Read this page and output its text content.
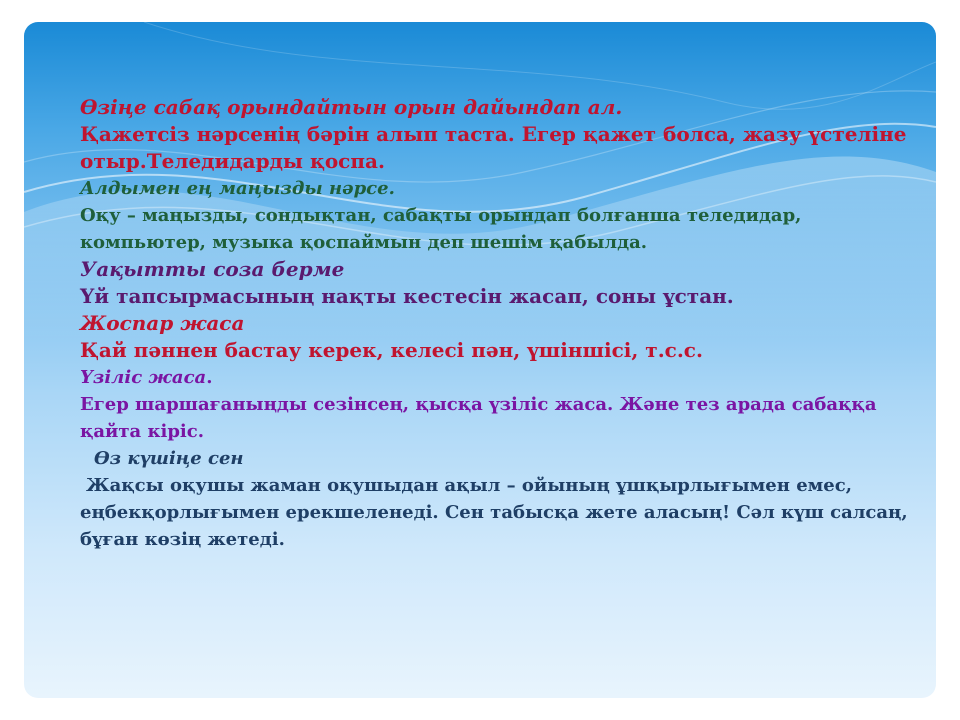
Өзіңе сабақ орындайтын орын дайындап ал.
Қажетсіз нәрсенің бәрін алып таста. Егер қажет болса, жазу үстеліне отыр.Теледидарды қоспа.
Алдымен ең маңызды нәрсе.
Оқу – маңызды, сондықтан, сабақты орындап болғанша теледидар, компьютер, музыка қоспаймын деп шешім қабылда.
Уақытты соза берме
Үй тапсырмасының нақты кестесін жасап, соны ұстан.
Жоспар жаса
Қай пәннен бастау керек, келесі пән, үшіншісі, т.с.с.
Үзіліс жаса.
Егер шаршағаныңды сезінсең, қысқа үзіліс жаса. Және тез арада сабаққа қайта кіріс.
Өз күшіңе сен
Жақсы оқушы жаман оқушыдан ақыл – ойының ұшқырлығымен емес, еңбекқорлығымен ерекшеленеді. Сен табысқа жете аласың! Сәл күш салсаң, бұған көзің жетеді.
